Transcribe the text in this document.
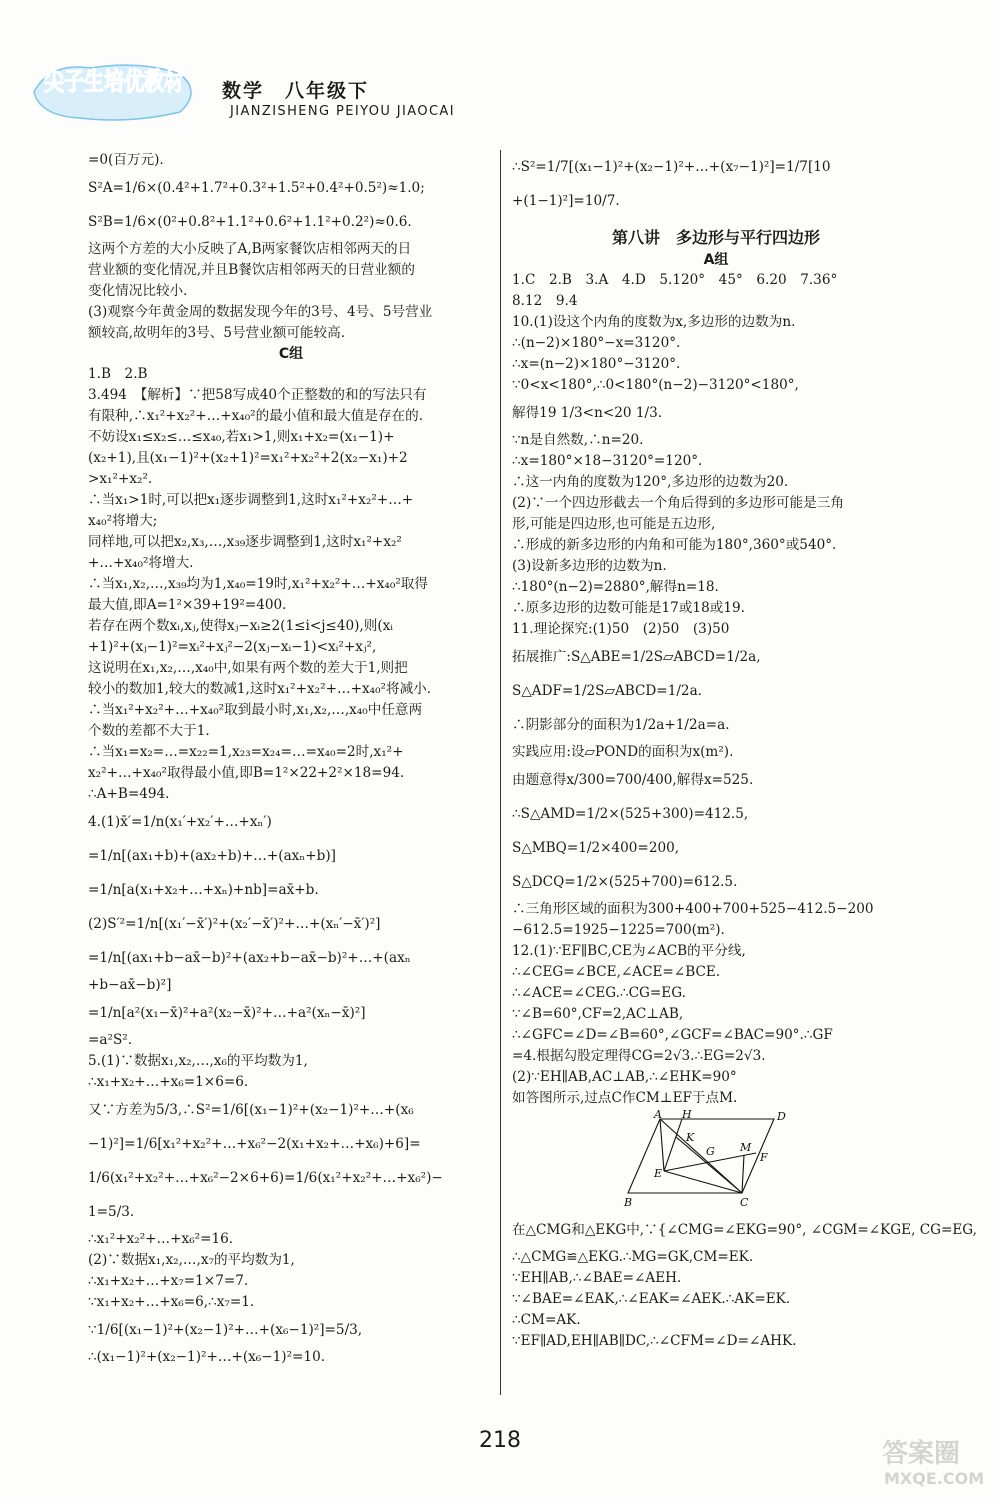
尖子生培优教材 数学　八年级下
JIANZISHENG PEIYOU JIAOCAI
=0(百万元).
S²A=1/6×(0.4²+1.7²+0.3²+1.5²+0.4²+0.5²)≈1.0;
S²B=1/6×(0²+0.8²+1.1²+0.6²+1.1²+0.2²)≈0.6.
这两个方差的大小反映了A,B两家餐饮店相邻两天的日
营业额的变化情况,并且B餐饮店相邻两天的日营业额的
变化情况比较小.
(3)观察今年黄金周的数据发现今年的3号、4号、5号营业
额较高,故明年的3号、5号营业额可能较高.
C组
1.B　2.B
3.494　【解析】∵把58写成40个正整数的和的写法只有
有限种,∴x₁²+x₂²+…+x₄₀²的最小值和最大值是存在的.
不妨设x₁≤x₂≤…≤x₄₀,若x₁>1,则x₁+x₂=(x₁−1)+
(x₂+1),且(x₁−1)²+(x₂+1)²=x₁²+x₂²+2(x₂−x₁)+2
>x₁²+x₂².
∴当x₁>1时,可以把x₁逐步调整到1,这时x₁²+x₂²+…+
x₄₀²将增大;
同样地,可以把x₂,x₃,…,x₃₉逐步调整到1,这时x₁²+x₂²
+…+x₄₀²将增大.
∴当x₁,x₂,…,x₃₉均为1,x₄₀=19时,x₁²+x₂²+…+x₄₀²取得
最大值,即A=1²×39+19²=400.
若存在两个数xᵢ,xⱼ,使得xⱼ−xᵢ≥2(1≤i<j≤40),则(xᵢ
+1)²+(xⱼ−1)²=xᵢ²+xⱼ²−2(xⱼ−xᵢ−1)<xᵢ²+xⱼ²,
这说明在x₁,x₂,…,x₄₀中,如果有两个数的差大于1,则把
较小的数加1,较大的数减1,这时x₁²+x₂²+…+x₄₀²将减小.
∴当x₁²+x₂²+…+x₄₀²取到最小时,x₁,x₂,…,x₄₀中任意两
个数的差都不大于1.
∴当x₁=x₂=…=x₂₂=1,x₂₃=x₂₄=…=x₄₀=2时,x₁²+
x₂²+…+x₄₀²取得最小值,即B=1²×22+2²×18=94.
∴A+B=494.
4.(1)x̄′=1/n(x₁′+x₂′+…+xₙ′)
=1/n[(ax₁+b)+(ax₂+b)+…+(axₙ+b)]
=1/n[a(x₁+x₂+…+xₙ)+nb]=ax̄+b.
(2)S′²=1/n[(x₁′−x̄′)²+(x₂′−x̄′)²+…+(xₙ′−x̄′)²]
=1/n[(ax₁+b−ax̄−b)²+(ax₂+b−ax̄−b)²+…+(axₙ
+b−ax̄−b)²]
=1/n[a²(x₁−x̄)²+a²(x₂−x̄)²+…+a²(xₙ−x̄)²]
=a²S².
5.(1)∵数据x₁,x₂,…,x₆的平均数为1,
∴x₁+x₂+…+x₆=1×6=6.
又∵方差为5/3,∴S²=1/6[(x₁−1)²+(x₂−1)²+…+(x₆
−1)²]=1/6[x₁²+x₂²+…+x₆²−2(x₁+x₂+…+x₆)+6]=
1/6(x₁²+x₂²+…+x₆²−2×6+6)=1/6(x₁²+x₂²+…+x₆²)−
1=5/3.
∴x₁²+x₂²+…+x₆²=16.
(2)∵数据x₁,x₂,…,x₇的平均数为1,
∴x₁+x₂+…+x₇=1×7=7.
∵x₁+x₂+…+x₆=6,∴x₇=1.
∵1/6[(x₁−1)²+(x₂−1)²+…+(x₆−1)²]=5/3,
∴(x₁−1)²+(x₂−1)²+…+(x₆−1)²=10.
∴S²=1/7[(x₁−1)²+(x₂−1)²+…+(x₇−1)²]=1/7[10
+(1−1)²]=10/7.
第八讲　多边形与平行四边形
A组
1.C　2.B　3.A　4.D　5.120°　45°　6.20　7.36°
8.12　9.4
10.(1)设这个内角的度数为x,多边形的边数为n.
∴(n−2)×180°−x=3120°.
∴x=(n−2)×180°−3120°.
∵0<x<180°,∴0<180°(n−2)−3120°<180°,
解得19 1/3<n<20 1/3.
∵n是自然数,∴n=20.
∴x=180°×18−3120°=120°.
∴这一内角的度数为120°,多边形的边数为20.
(2)∵一个四边形截去一个角后得到的多边形可能是三角
形,可能是四边形,也可能是五边形,
∴形成的新多边形的内角和可能为180°,360°或540°.
(3)设新多边形的边数为n.
∴180°(n−2)=2880°,解得n=18.
∴原多边形的边数可能是17或18或19.
11.理论探究:(1)50　(2)50　(3)50
拓展推广:S△ABE=1/2S▱ABCD=1/2a,
S△ADF=1/2S▱ABCD=1/2a.
∴阴影部分的面积为1/2a+1/2a=a.
实践应用:设▱POND的面积为x(m²).
由题意得x/300=700/400,解得x=525.
∴S△AMD=1/2×(525+300)=412.5,
S△MBQ=1/2×400=200,
S△DCQ=1/2×(525+700)=612.5.
∴三角形区域的面积为300+400+700+525−412.5−200
−612.5=1925−1225=700(m²).
12.(1)∵EF∥BC,CE为∠ACB的平分线,
∴∠CEG=∠BCE,∠ACE=∠BCE.
∴∠ACE=∠CEG.∴CG=EG.
∵∠B=60°,CF=2,AC⊥AB,
∴∠GFC=∠D=∠B=60°,∠GCF=∠BAC=90°.∴GF
=4.根据勾股定理得CG=2√3.∴EG=2√3.
(2)∵EH∥AB,AC⊥AB,∴∠EHK=90°
如答图所示,过点C作CM⊥EF于点M.
A H	D
K
G M
F
E
B	C
在△CMG和△EKG中,∵{∠CMG=∠EKG=90°, ∠CGM=∠KGE, CG=EG,
∴△CMG≌△EKG.∴MG=GK,CM=EK.
∵EH∥AB,∴∠BAE=∠AEH.
∵∠BAE=∠EAK,∴∠EAK=∠AEK.∴AK=EK.
∴CM=AK.
∵EF∥AD,EH∥AB∥DC,∴∠CFM=∠D=∠AHK.
218	答案圈
MXQE.COM
